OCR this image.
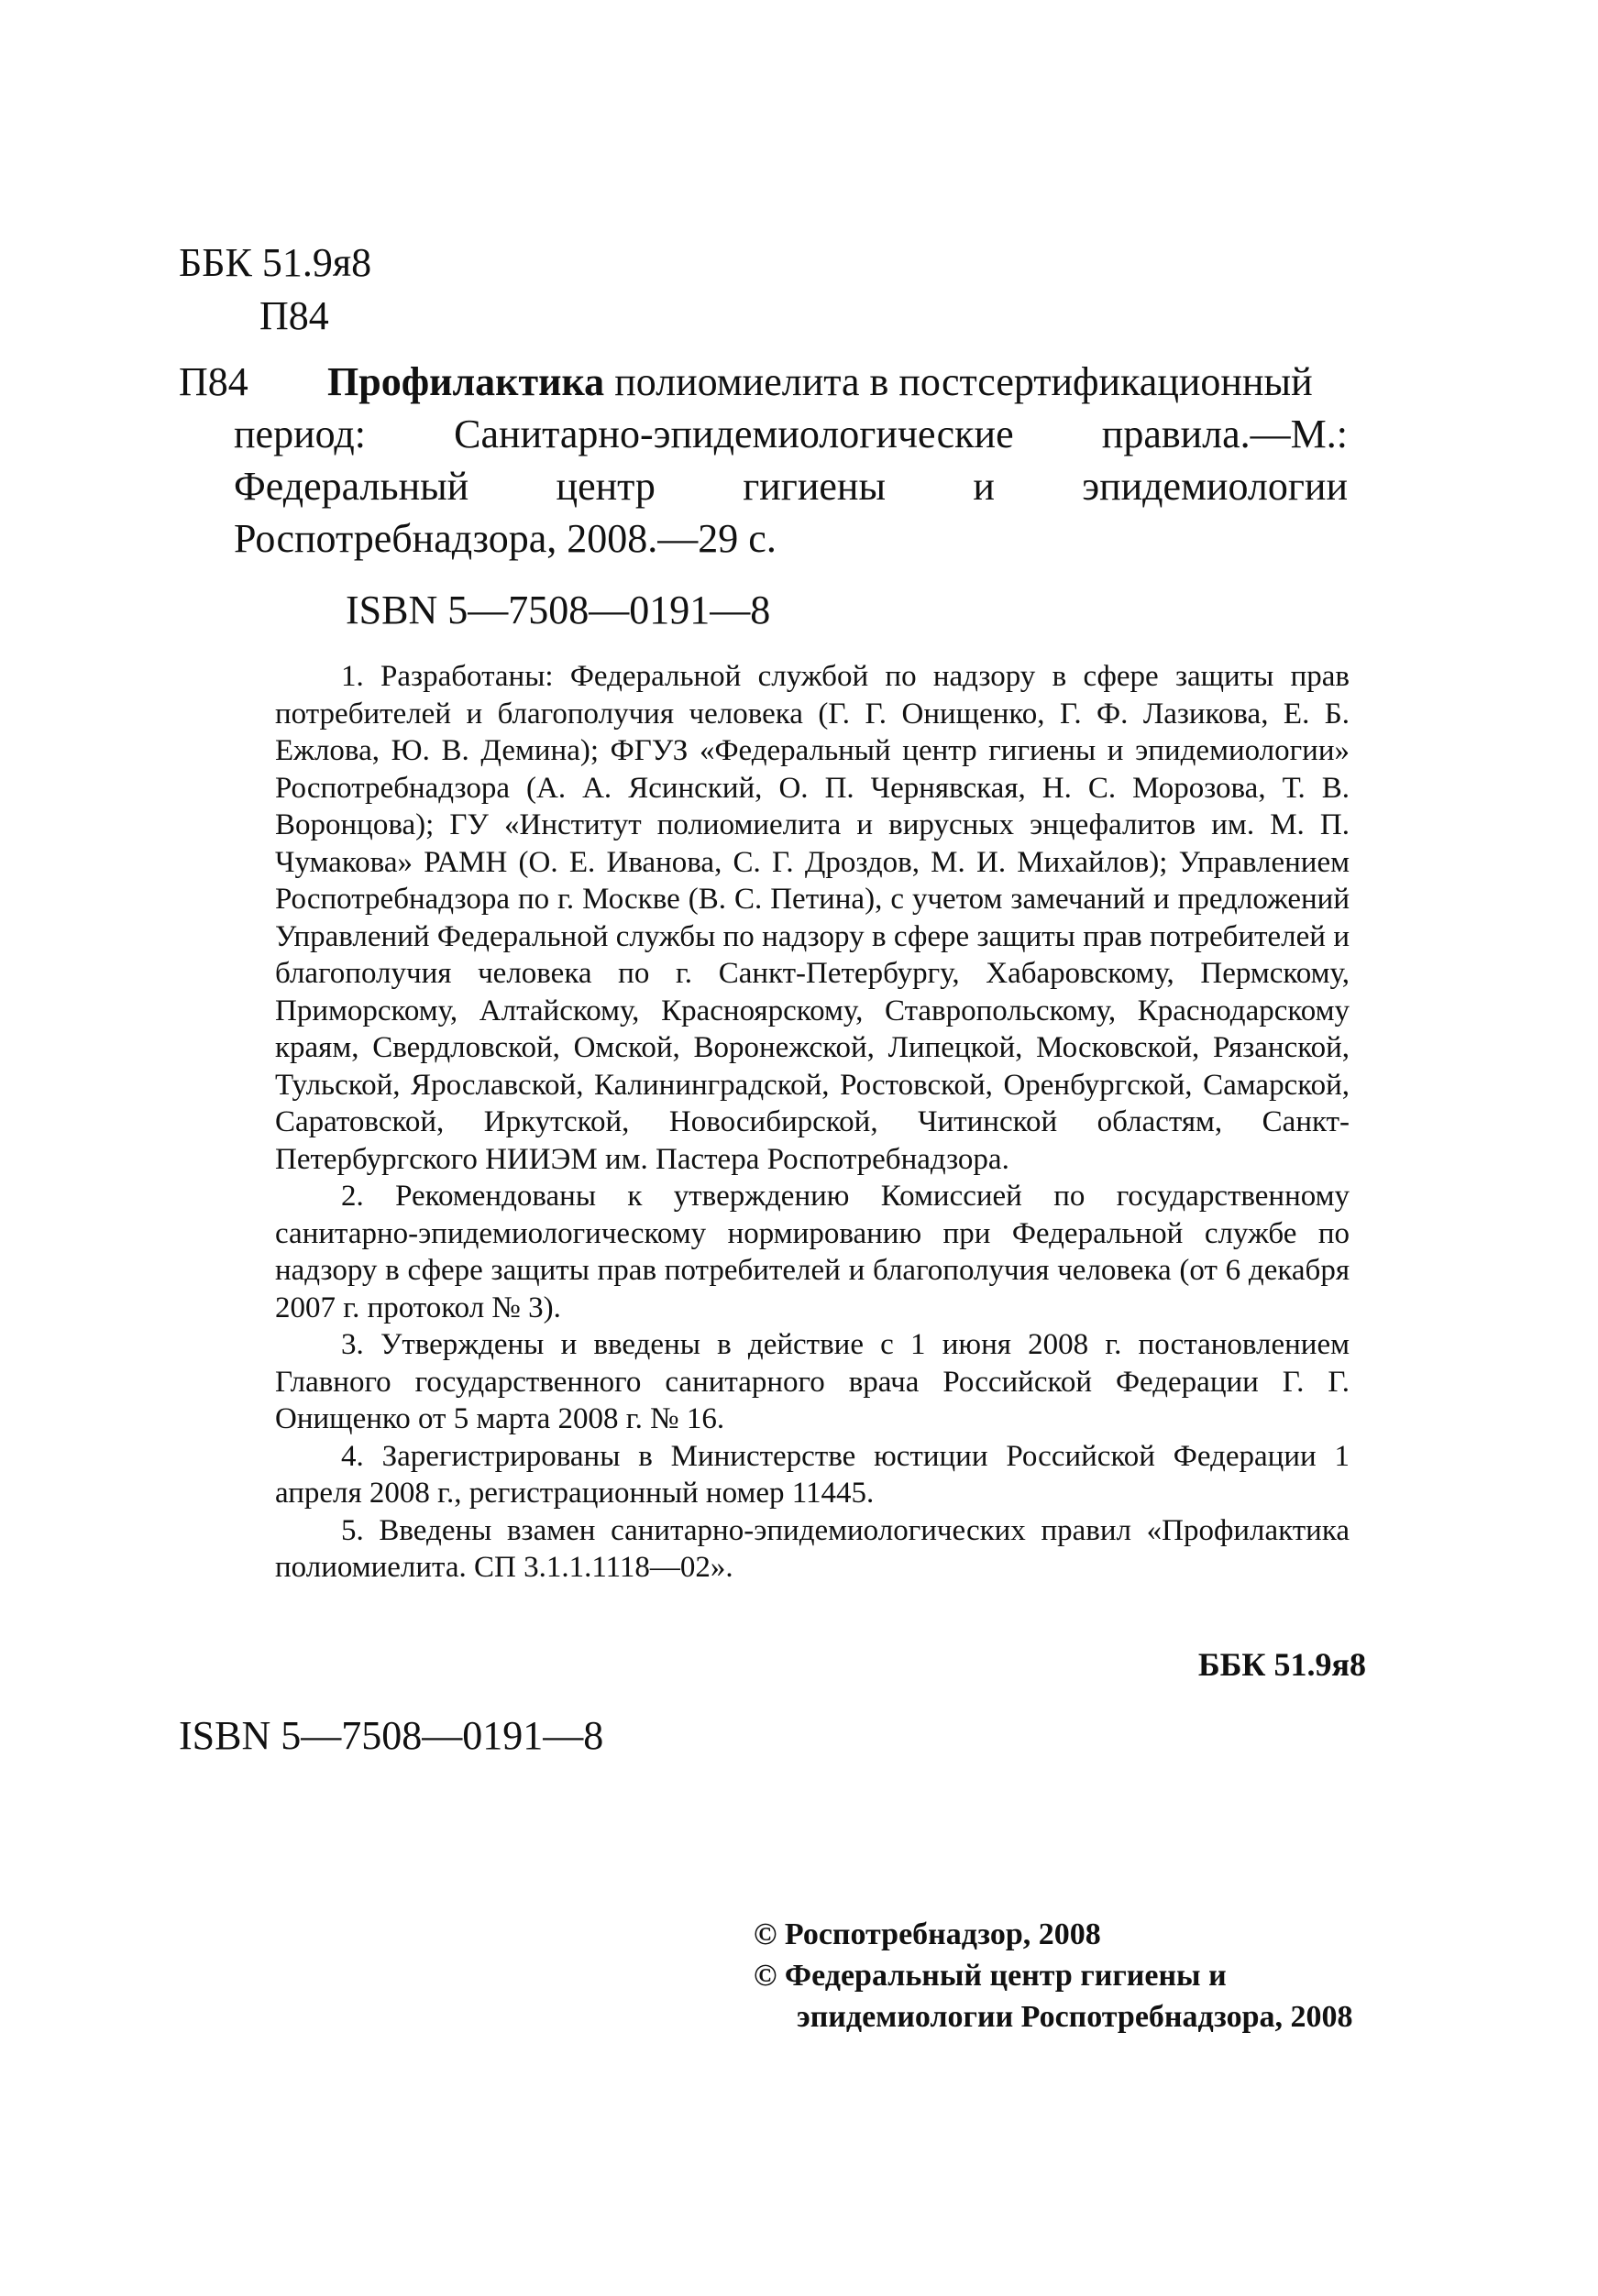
ББК 51.9я8
П84
П84 Профилактика полиомиелита в постсертификационный
период: Санитарно-эпидемиологические правила.—М.: Федеральный центр гигиены и эпидемиологии Роспотребнадзора, 2008.—29 с.
ISBN 5—7508—0191—8

1. Разработаны: Федеральной службой по надзору в сфере защиты прав потребителей и благополучия человека (Г. Г. Онищенко, Г. Ф. Лазикова, Е. Б. Ежлова, Ю. В. Демина); ФГУЗ «Федеральный центр гигиены и эпидемиологии» Роспотребнадзора (А. А. Ясинский, О. П. Чернявская, Н. С. Морозова, Т. В. Воронцова); ГУ «Институт полиомиелита и вирусных энцефалитов им. М. П. Чумакова» РАМН (О. Е. Иванова, С. Г. Дроздов, М. И. Михайлов); Управлением Роспотребнадзора по г. Москве (В. С. Петина), с учетом замечаний и предложений Управлений Федеральной службы по надзору в сфере защиты прав потребителей и благополучия человека по г. Санкт-Петербургу, Хабаровскому, Пермскому, Приморскому, Алтайскому, Красноярскому, Ставропольскому, Краснодарскому краям, Свердловской, Омской, Воронежской, Липецкой, Московской, Рязанской, Тульской, Ярославской, Калининградской, Ростовской, Оренбургской, Самарской, Саратовской, Иркутской, Новосибирской, Читинской областям, Санкт-Петербургского НИИЭМ им. Пастера Роспотребнадзора.

2. Рекомендованы к утверждению Комиссией по государственному санитарно-эпидемиологическому нормированию при Федеральной службе по надзору в сфере защиты прав потребителей и благополучия человека (от 6 декабря 2007 г. протокол № 3).

3. Утверждены и введены в действие с 1 июня 2008 г. постановлением Главного государственного санитарного врача Российской Федерации Г. Г. Онищенко от 5 марта 2008 г. № 16.

4. Зарегистрированы в Министерстве юстиции Российской Федерации 1 апреля 2008 г., регистрационный номер 11445.

5. Введены взамен санитарно-эпидемиологических правил «Профилактика полиомиелита. СП 3.1.1.1118—02».

ББК 51.9я8
ISBN 5—7508—0191—8
© Роспотребнадзор, 2008
© Федеральный центр гигиены и
эпидемиологии Роспотребнадзора, 2008
